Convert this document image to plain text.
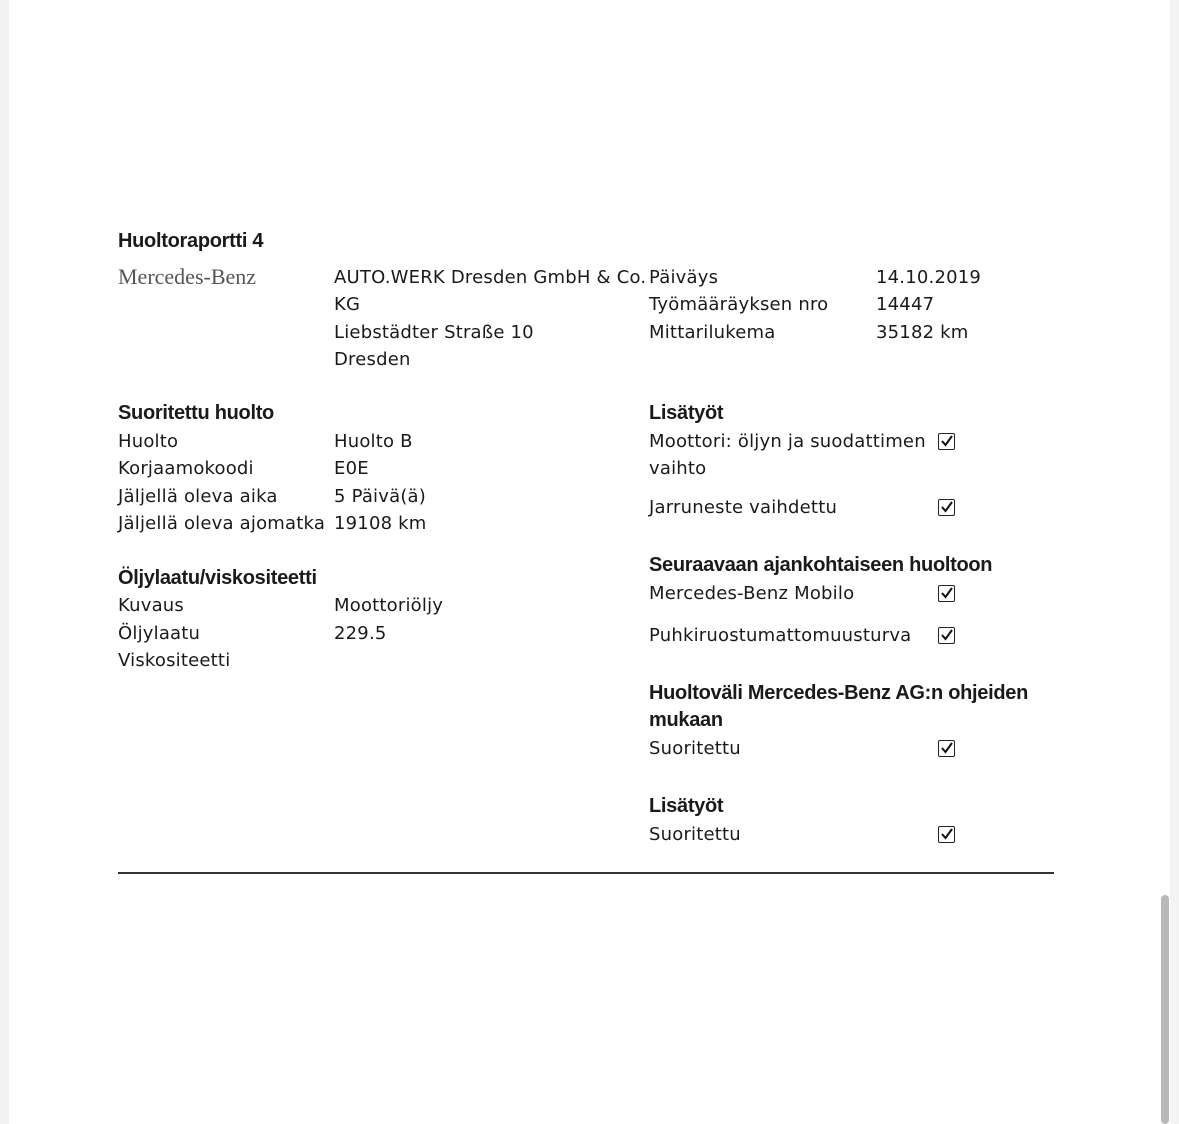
Huoltoraportti 4
Mercedes-Benz	AUTO.WERK Dresden GmbH & Co.
KG
Liebstädter Straße 10
Dresden
Päiväys	14.10.2019
Työmääräyksen nro	14447
Mittarilukema	35182 km
Suoritettu huolto
Huolto	Huolto B
Korjaamokoodi	E0E
Jäljellä oleva aika	5 Päivä(ä)
Jäljellä oleva ajomatka 19108 km
Öljylaatu/viskositeetti
Kuvaus	Moottoriöljy
Öljylaatu	229.5
Viskositeetti
Lisätyöt
Moottori: öljyn ja suodattimen
vaihto
Jarruneste vaihdettu
Seuraavaan ajankohtaiseen huoltoon
Mercedes-Benz Mobilo
Puhkiruostumattomuusturva
Huoltoväli Mercedes-Benz AG:n ohjeiden
mukaan
Suoritettu
Lisätyöt
Suoritettu
